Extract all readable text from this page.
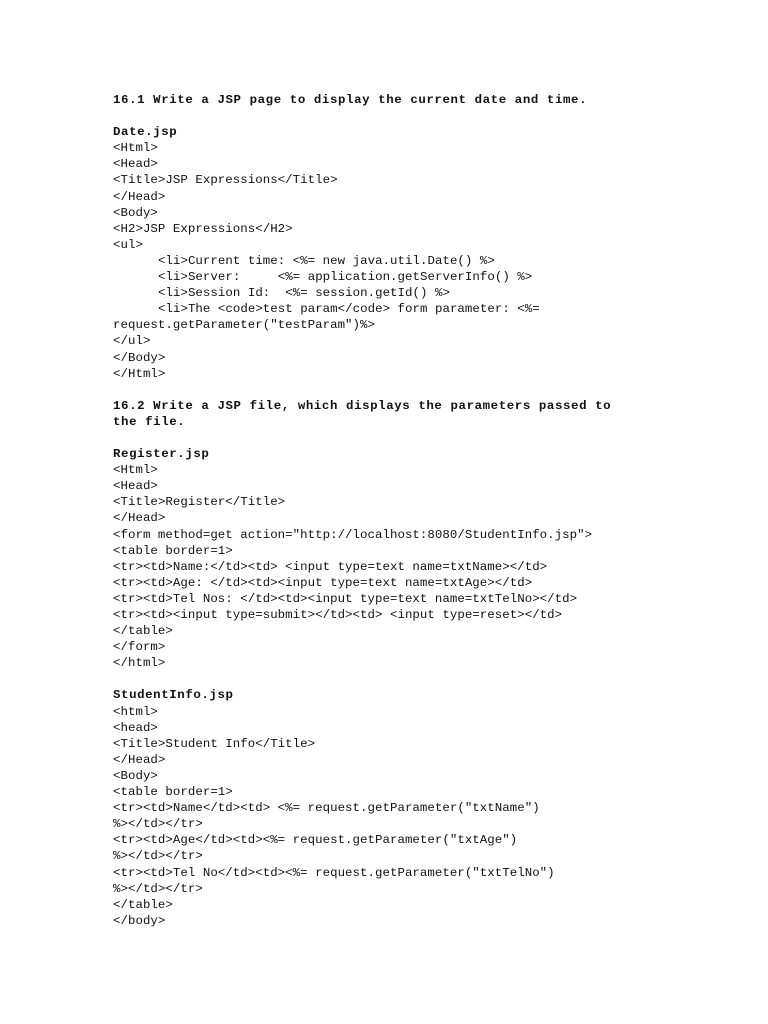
16.1 Write a JSP page to display the current date and time.
Date.jsp
<Html>
<Head>
<Title>JSP Expressions</Title>
</Head>
<Body>
<H2>JSP Expressions</H2>
<ul>
<li>Current time: <%= new java.util.Date() %>
<li>Server:     <%= application.getServerInfo() %>
<li>Session Id:  <%= session.getId() %>
<li>The <code>test param</code> form parameter: <%=
request.getParameter("testParam")%>
</ul>
</Body>
</Html>
16.2 Write a JSP file, which displays the parameters passed to
the file.
Register.jsp
<Html>
<Head>
<Title>Register</Title>
</Head>
<form method=get action="http://localhost:8080/StudentInfo.jsp">
<table border=1>
<tr><td>Name:</td><td> <input type=text name=txtName></td>
<tr><td>Age: </td><td><input type=text name=txtAge></td>
<tr><td>Tel Nos: </td><td><input type=text name=txtTelNo></td>
<tr><td><input type=submit></td><td> <input type=reset></td>
</table>
</form>
</html>
StudentInfo.jsp
<html>
<head>
<Title>Student Info</Title>
</Head>
<Body>
<table border=1>
<tr><td>Name</td><td> <%= request.getParameter("txtName")
%></td></tr>
<tr><td>Age</td><td><%= request.getParameter("txtAge")
%></td></tr>
<tr><td>Tel No</td><td><%= request.getParameter("txtTelNo")
%></td></tr>
</table>
</body>
